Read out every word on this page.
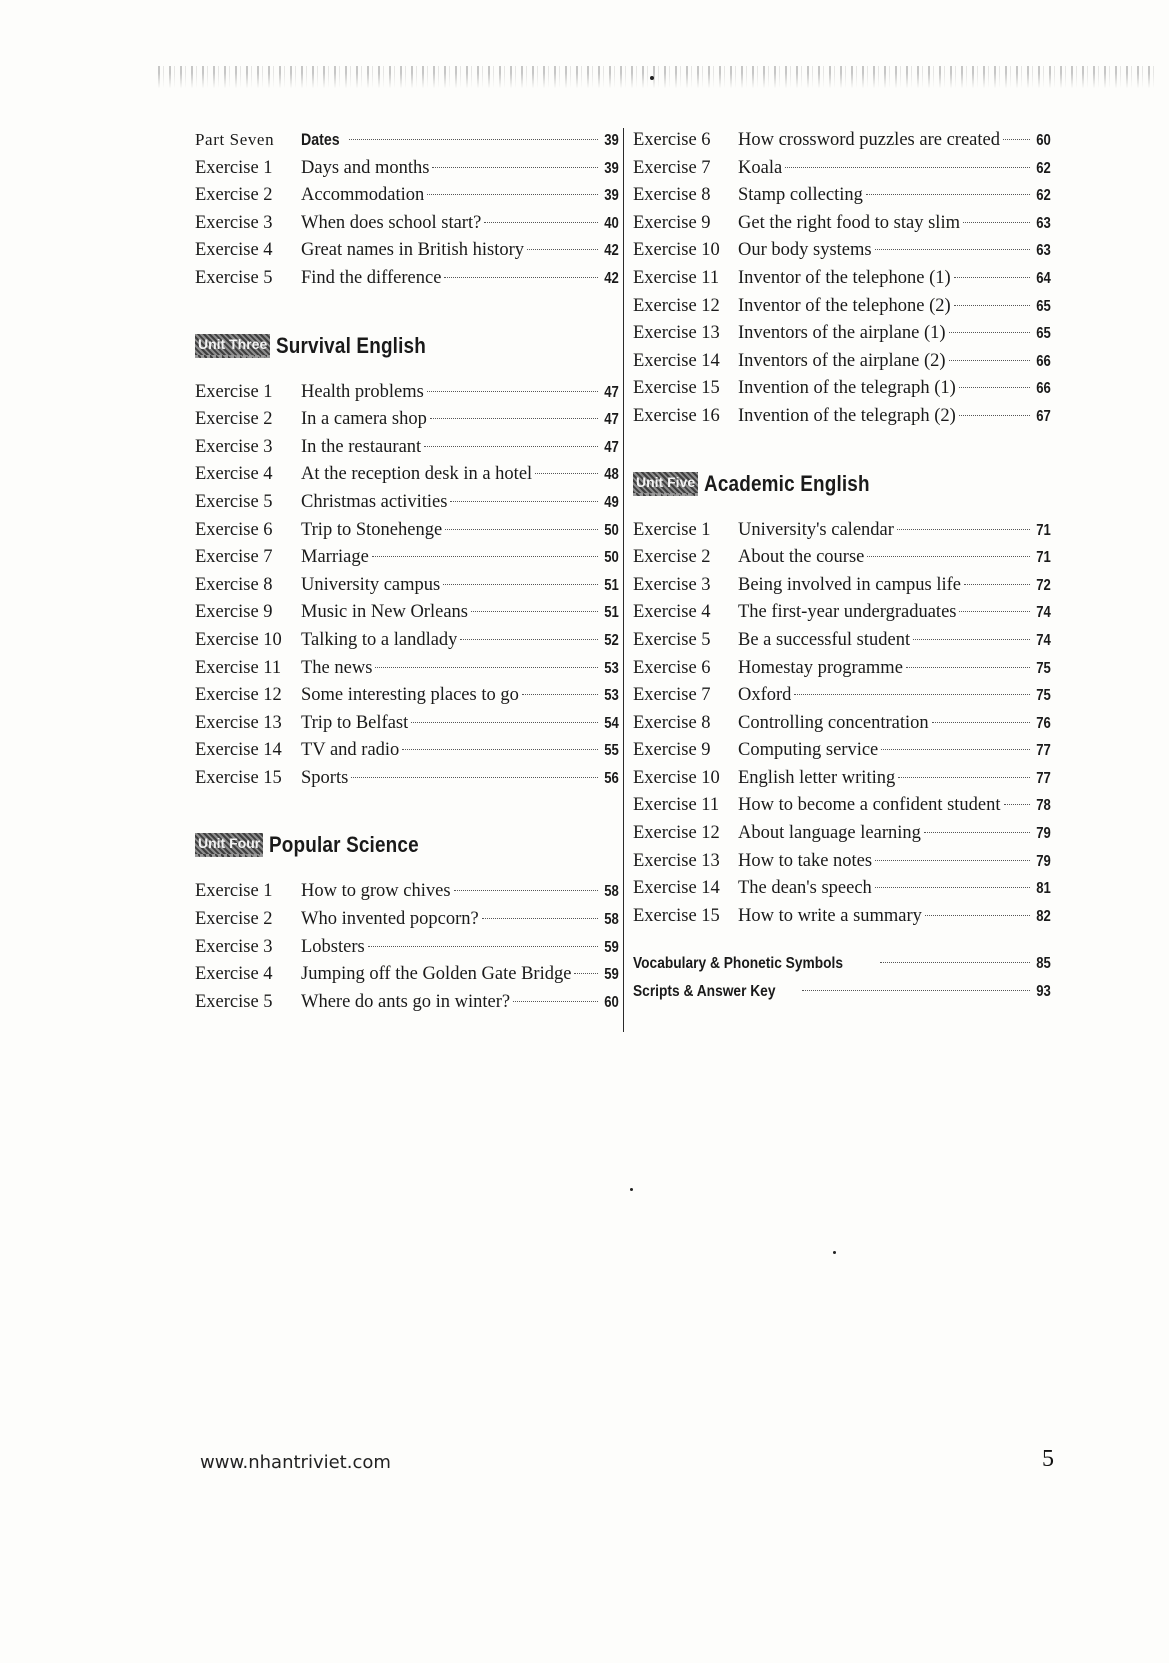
Part Seven	Dates	39
Exercise 1	Days and months	39
Exercise 2	Accommodation	39
Exercise 3	When does school start?	40
Exercise 4	Great names in British history	42
Exercise 5	Find the difference	42
Unit Three Survival English
Exercise 1	Health problems	47
Exercise 2	In a camera shop	47
Exercise 3	In the restaurant	47
Exercise 4	At the reception desk in a hotel	48
Exercise 5	Christmas activities	49
Exercise 6	Trip to Stonehenge	50
Exercise 7	Marriage	50
Exercise 8	University campus	51
Exercise 9	Music in New Orleans	51
Exercise 10	Talking to a landlady	52
Exercise 11	The news	53
Exercise 12	Some interesting places to go	53
Exercise 13	Trip to Belfast	54
Exercise 14	TV and radio	55
Exercise 15	Sports	56
Unit Four Popular Science
Exercise 1	How to grow chives	58
Exercise 2	Who invented popcorn?	58
Exercise 3	Lobsters	59
Exercise 4	Jumping off the Golden Gate Bridge 59
Exercise 5	Where do ants go in winter?	60
Exercise 6	How crossword puzzles are created 60
Exercise 7	Koala	62
Exercise 8	Stamp collecting	62
Exercise 9	Get the right food to stay slim	63
Exercise 10 Our body systems	63
Exercise 11	Inventor of the telephone (1)	64
Exercise 12 Inventor of the telephone (2)	65
Exercise 13 Inventors of the airplane (1)	65
Exercise 14 Inventors of the airplane (2)	66
Exercise 15 Invention of the telegraph (1)	66
Exercise 16 Invention of the telegraph (2)	67
Unit Five Academic English
Exercise 1	University's calendar	71
Exercise 2	About the course	71
Exercise 3	Being involved in campus life	72
Exercise 4	The first-year undergraduates	74
Exercise 5	Be a successful student	74
Exercise 6	Homestay programme	75
Exercise 7	Oxford	75
Exercise 8	Controlling concentration	76
Exercise 9	Computing service	77
Exercise 10 English letter writing	77
Exercise 11	How to become a confident student 78
Exercise 12 About language learning	79
Exercise 13 How to take notes	79
Exercise 14 The dean's speech	81
Exercise 15 How to write a summary	82
Vocabulary & Phonetic Symbols	85
Scripts & Answer Key	93
www.nhantriviet.com	5
